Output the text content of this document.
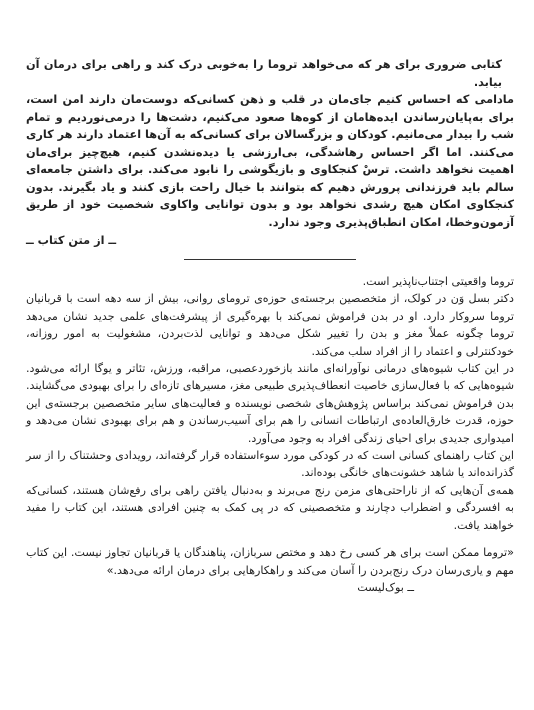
کتابی ضروری برای هر که می‌خواهد تروما را به‌خوبی درک کند و راهی برای درمان آن بیابد.

مادامی که احساس کنیم جای‌مان در قلب و ذهن کسانی‌که دوست‌مان دارند امن است، برای به‌پایان‌رساندن ایده‌هامان از کوه‌ها صعود می‌کنیم، دشت‌ها را درمی‌نوردیم و تمام شب را بیدار می‌مانیم. کودکان و بزرگسالان برای کسانی‌که به آن‌ها اعتماد دارند هر کاری می‌کنند. اما اگر احساس رهاشدگی، بی‌ارزشی یا دیده‌نشدن کنیم، هیچ‌چیز برای‌مان اهمیت نخواهد داشت. ترسْ کنجکاوی و بازیگوشی را نابود می‌کند. برای داشتن جامعه‌ای سالم باید فرزندانی پرورش دهیم که بتوانند با خیال راحت بازی کنند و یاد بگیرند. بدون کنجکاوی امکان هیچ رشدی نخواهد بود و بدون توانایی واکاوی شخصیت خود از طریق آزمون‌وخطا، امکان انطباق‌پذیری وجود ندارد.

ــ از متن کتاب ــ

تروما واقعیتی اجتناب‌ناپذیر است.

دکتر بسل وَن در کولک، از متخصصین برجسته‌ی حوزه‌ی ترومای روانی، بیش از سه دهه است با قربانیان تروما سروکار دارد. او در بدن فراموش نمی‌کند با بهره‌گیری از پیشرفت‌های علمی جدید نشان می‌دهد تروما چگونه عملاً مغز و بدن را تغییر شکل می‌دهد و توانایی لذت‌بردن، مشغولیت به امور روزانه، خودکنترلی و اعتماد را از افراد سلب می‌کند.

در این کتاب شیوه‌های درمانی نوآورانه‌ای مانند بازخوردعصبی، مراقبه، ورزش، تئاتر و یوگا ارائه می‌شود. شیوه‌هایی که با فعال‌سازی خاصیت انعطاف‌پذیری طبیعی مغز، مسیرهای تازه‌ای را برای بهبودی می‌گشایند. بدن فراموش نمی‌کند براساس پژوهش‌های شخصی نویسنده و فعالیت‌های سایر متخصصین برجسته‌ی این حوزه، قدرت خارق‌العاده‌ی ارتباطات انسانی را هم برای آسیب‌رساندن و هم برای بهبودی نشان می‌دهد و امیدواری جدیدی برای احیای زندگی افراد به وجود می‌آورد.

این کتاب راهنمای کسانی است که در کودکی مورد سوءاستفاده قرار گرفته‌اند، رویدادی وحشتناک را از سر گذرانده‌اند یا شاهد خشونت‌های خانگی بوده‌اند.

همه‌ی آن‌هایی که از ناراحتی‌های مزمن رنج می‌برند و به‌دنبال یافتن راهی برای رفع‌شان هستند، کسانی‌که به افسردگی و اضطراب دچارند و متخصصینی که در پی کمک به چنین افرادی هستند، این کتاب را مفید خواهند یافت.

«تروما ممکن است برای هر کسی رخ دهد و مختص سربازان، پناهندگان یا قربانیان تجاوز نیست. این کتاب مهم و یاری‌رسان درک رنج‌بردن را آسان می‌کند و راهکارهایی برای درمان ارائه می‌دهد.»

ــ بوک‌لیست
